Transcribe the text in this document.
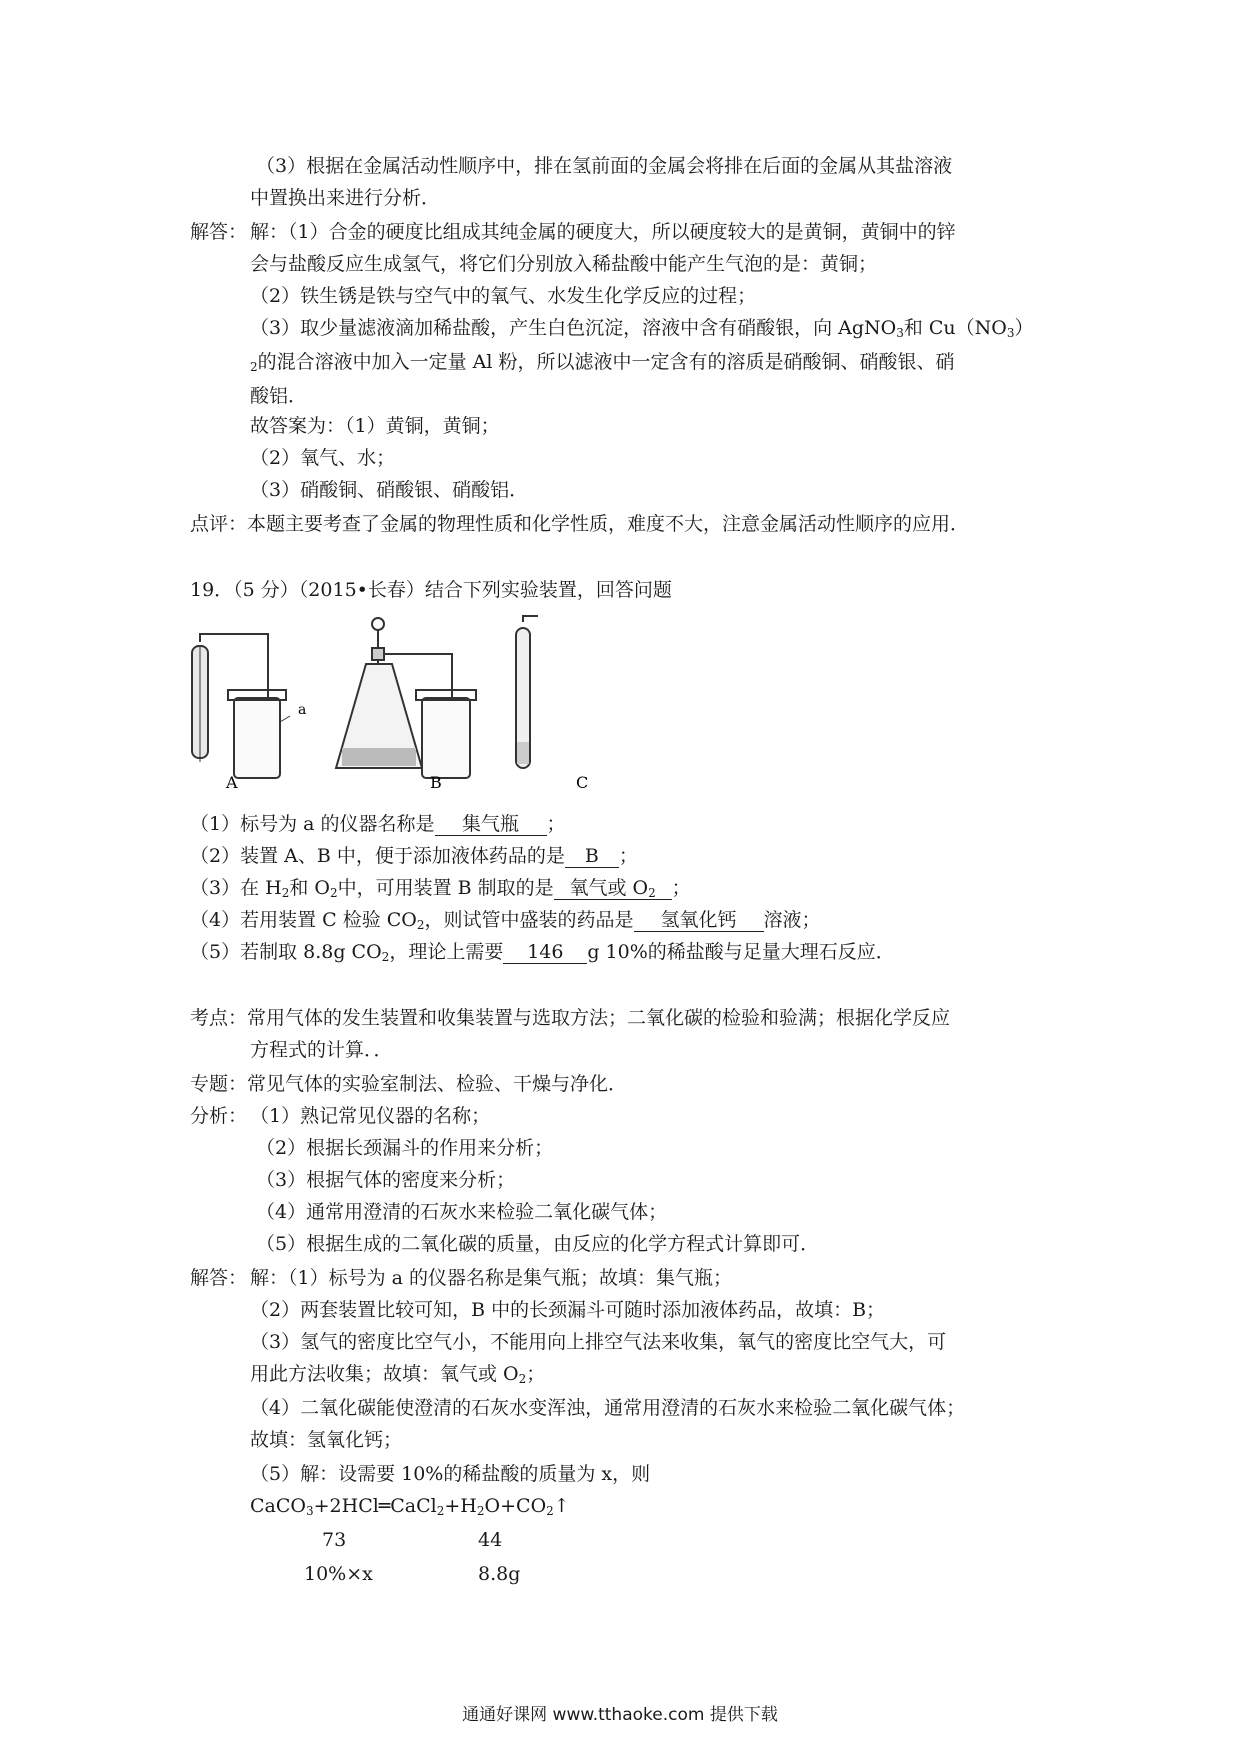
（3）根据在金属活动性顺序中，排在氢前面的金属会将排在后面的金属从其盐溶液
中置换出来进行分析．
解答： 解：（1）合金的硬度比组成其纯金属的硬度大，所以硬度较大的是黄铜，黄铜中的锌
会与盐酸反应生成氢气，将它们分别放入稀盐酸中能产生气泡的是：黄铜；
（2）铁生锈是铁与空气中的氧气、水发生化学反应的过程；
（3）取少量滤液滴加稀盐酸，产生白色沉淀，溶液中含有硝酸银，向 AgNO$_3$和 $Cu(NO_3)$
$_2$的混合溶液中加入一定量 Al 粉，所以滤液中一定含有的溶质是硝酸铜、硝酸银、硝
酸铝．
故答案为：（1）黄铜，黄铜；
（2）氧气、水；
（3）硝酸铜、硝酸银、硝酸铝．
点评：本题主要考查了金属的物理性质和化学性质，难度不大，注意金属活动性顺序的应用．
19．（5 分）（2015•长春）结合下列实验装置，回答问题
a
A	B	C
（1）标号为 a 的仪器名称是 集气瓶 ；
（2）装置 A、B 中，便于添加液体药品的是 B ；
（3）在 $H_2$和 $O_2$中，可用装置 B 制取的是 氧气或 $O_2$ ；
（4）若用装置 C 检验 $CO_2$，则试管中盛装的药品是 氢氧化钙 溶液；
（5）若制取 8.8g $CO_2$，理论上需要 146 g 10%的稀盐酸与足量大理石反应．
考点：常用气体的发生装置和收集装置与选取方法；二氧化碳的检验和验满；根据化学反应
方程式的计算．．
专题：常见气体的实验室制法、检验、干燥与净化．
分析： （1）熟记常见仪器的名称；
（2）根据长颈漏斗的作用来分析；
（3）根据气体的密度来分析；
（4）通常用澄清的石灰水来检验二氧化碳气体；
（5）根据生成的二氧化碳的质量，由反应的化学方程式计算即可．
解答： 解：（1）标号为 a 的仪器名称是集气瓶；故填：集气瓶；
（2）两套装置比较可知，B 中的长颈漏斗可随时添加液体药品，故填：B；
（3）氢气的密度比空气小，不能用向上排空气法来收集，氧气的密度比空气大，可
用此方法收集；故填：氧气或 $O_2$；
（4）二氧化碳能使澄清的石灰水变浑浊，通常用澄清的石灰水来检验二氧化碳气体；
故填：氢氧化钙；
（5）解：设需要 10%的稀盐酸的质量为 x，则
$CaCO_3+2HCl═CaCl_2+H_2O+CO_2↑$
73	44
10%×x	8.8g
通通好课网 www.tthaoke.com 提供下载
